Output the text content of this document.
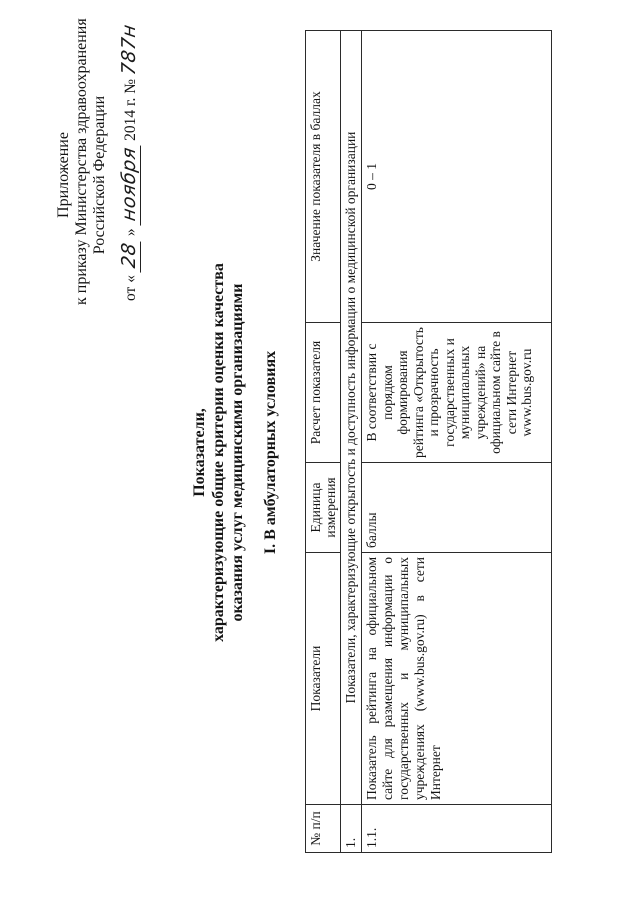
Приложение к приказу Министерства здравоохранения Российской Федерации
от « 28 » ноября 2014 г. № 787н
Показатели, характеризующие общие критерии оценки качества оказания услуг медицинскими организациями I. В амбулаторных условиях
№ п/п	Показатели	Единица измерения	Расчет показателя	Значение показателя в баллах
1.	Показатели, характеризующие открытость и доступность информации о медицинской организации			
1.1.	Показатель рейтинга на официальном сайте для размещения информации о государственных и муниципальных учреждениях (www.bus.gov.ru) в сети Интернет	баллы	В соответствии с порядком формирования рейтинга «Открытость и прозрачность государственных и муниципальных учреждений» на официальном сайте в сети Интернет www.bus.gov.ru	0 – 1
